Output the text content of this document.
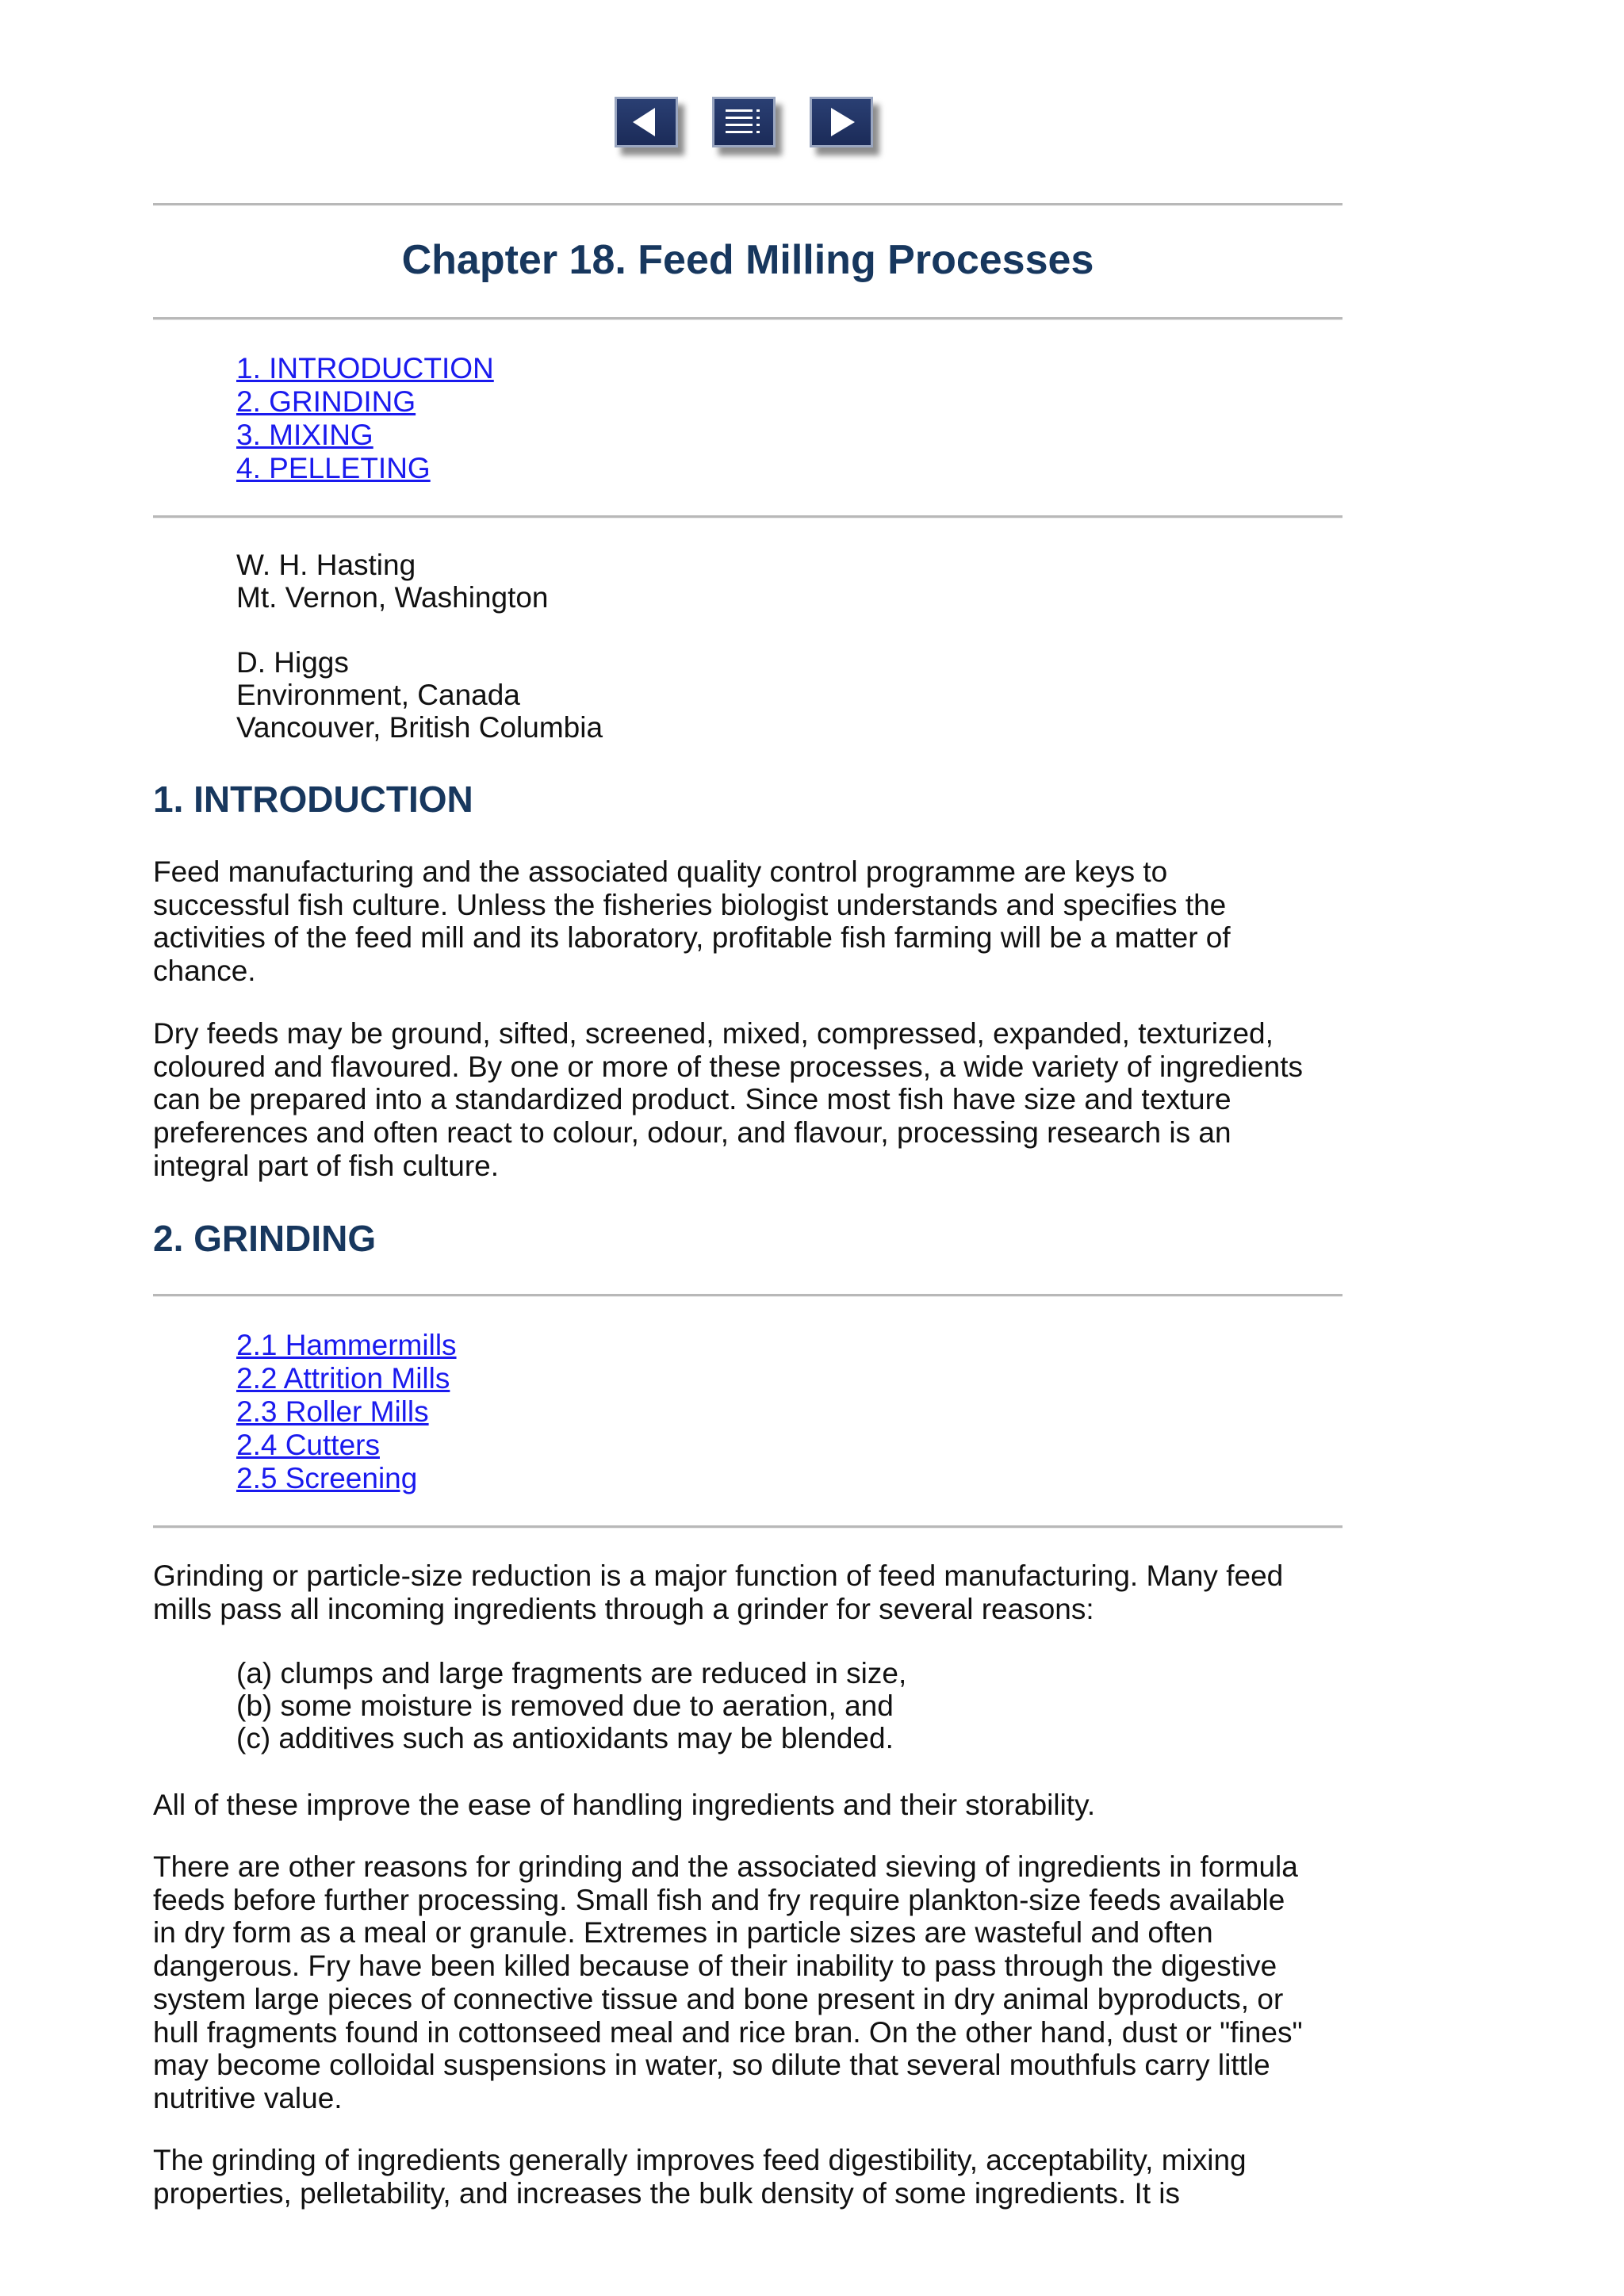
Chapter 18. Feed Milling Processes
1. INTRODUCTION
2. GRINDING
3. MIXING
4. PELLETING
W. H. Hasting
Mt. Vernon, Washington
D. Higgs
Environment, Canada
Vancouver, British Columbia
1. INTRODUCTION

Feed manufacturing and the associated quality control programme are keys to
successful fish culture. Unless the fisheries biologist understands and specifies the
activities of the feed mill and its laboratory, profitable fish farming will be a matter of
chance.

Dry feeds may be ground, sifted, screened, mixed, compressed, expanded, texturized,
coloured and flavoured. By one or more of these processes, a wide variety of ingredients
can be prepared into a standardized product. Since most fish have size and texture
preferences and often react to colour, odour, and flavour, processing research is an
integral part of fish culture.

2. GRINDING
2.1 Hammermills
2.2 Attrition Mills
2.3 Roller Mills
2.4 Cutters
2.5 Screening

Grinding or particle-size reduction is a major function of feed manufacturing. Many feed
mills pass all incoming ingredients through a grinder for several reasons:

(a) clumps and large fragments are reduced in size,
(b) some moisture is removed due to aeration, and
(c) additives such as antioxidants may be blended.

All of these improve the ease of handling ingredients and their storability.

There are other reasons for grinding and the associated sieving of ingredients in formula
feeds before further processing. Small fish and fry require plankton-size feeds available
in dry form as a meal or granule. Extremes in particle sizes are wasteful and often
dangerous. Fry have been killed because of their inability to pass through the digestive
system large pieces of connective tissue and bone present in dry animal byproducts, or
hull fragments found in cottonseed meal and rice bran. On the other hand, dust or "fines"
may become colloidal suspensions in water, so dilute that several mouthfuls carry little
nutritive value.

The grinding of ingredients generally improves feed digestibility, acceptability, mixing
properties, pelletability, and increases the bulk density of some ingredients. It is
